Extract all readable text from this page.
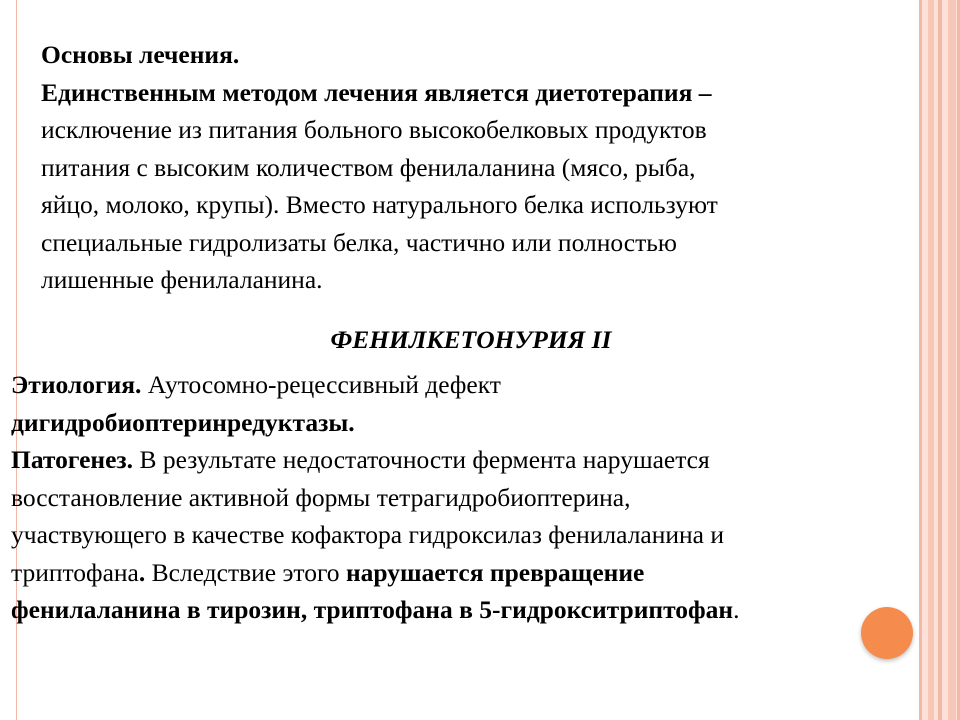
Основы лечения.

Единственным методом лечения является диетотерапия –

исключение из питания больного высокобелковых продуктов

питания с высоким количеством фенилаланина (мясо, рыба,

яйцо, молоко, крупы). Вместо натурального белка используют

специальные гидролизаты белка, частично или полностью

лишенные фенилаланина.

ФЕНИЛКЕТОНУРИЯ II

Этиология. Аутосомно-рецессивный дефект

дигидробиоптеринредуктазы.

Патогенез. В результате недостаточности фермента нарушается

восстановление активной формы тетрагидробиоптерина,

участвующего в качестве кофактора гидроксилаз фенилаланина и

триптофана. Вследствие этого нарушается превращение

фенилаланина в тирозин, триптофана в 5-гидрокситриптофан.
